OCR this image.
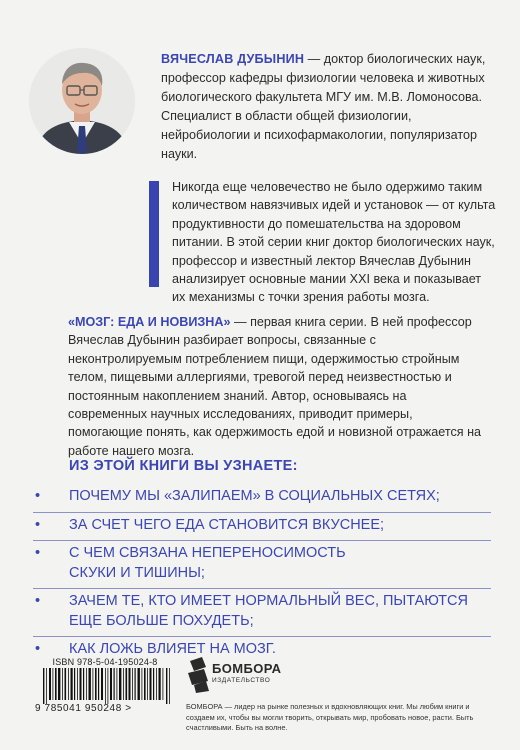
ВЯЧЕСЛАВ ДУБЫНИН — доктор биологических наук, профессор кафедры физиологии человека и животных биологического факультета МГУ им. М.В. Ломоносова. Специалист в области общей физиологии, нейробиологии и психофармакологии, популяризатор науки.
Никогда еще человечество не было одержимо таким количеством навязчивых идей и установок — от культа продуктивности до помешательства на здоровом питании. В этой серии книг доктор биологических наук, профессор и известный лектор Вячеслав Дубынин анализирует основные мании XXI века и показывает их механизмы с точки зрения работы мозга.
«МОЗГ: ЕДА И НОВИЗНА» — первая книга серии. В ней профессор Вячеслав Дубынин разбирает вопросы, связанные с неконтролируемым потреблением пищи, одержимостью стройным телом, пищевыми аллергиями, тревогой перед неизвестностью и постоянным накоплением знаний. Автор, основываясь на современных научных исследованиях, приводит примеры, помогающие понять, как одержимость едой и новизной отражается на работе нашего мозга.
ИЗ ЭТОЙ КНИГИ ВЫ УЗНАЕТЕ:
•	ПОЧЕМУ МЫ «ЗАЛИПАЕМ» В СОЦИАЛЬНЫХ СЕТЯХ;
•	ЗА СЧЕТ ЧЕГО ЕДА СТАНОВИТСЯ ВКУСНЕЕ;
•	С ЧЕМ СВЯЗАНА НЕПЕРЕНОСИМОСТЬ СКУКИ И ТИШИНЫ;
•	ЗАЧЕМ ТЕ, КТО ИМЕЕТ НОРМАЛЬНЫЙ ВЕС, ПЫТАЮТСЯ ЕЩЕ БОЛЬШЕ ПОХУДЕТЬ;
•	КАК ЛОЖЬ ВЛИЯЕТ НА МОЗГ.
ISBN 978-5-04-195024-8
9 785041 950248 >
БОМБОРА
ИЗДАТЕЛЬСТВО
БОМБОРА — лидер на рынке полезных и вдохновляющих книг. Мы любим книги и создаем их, чтобы вы могли творить, открывать мир, пробовать новое, расти. Быть счастливыми. Быть на волне.
